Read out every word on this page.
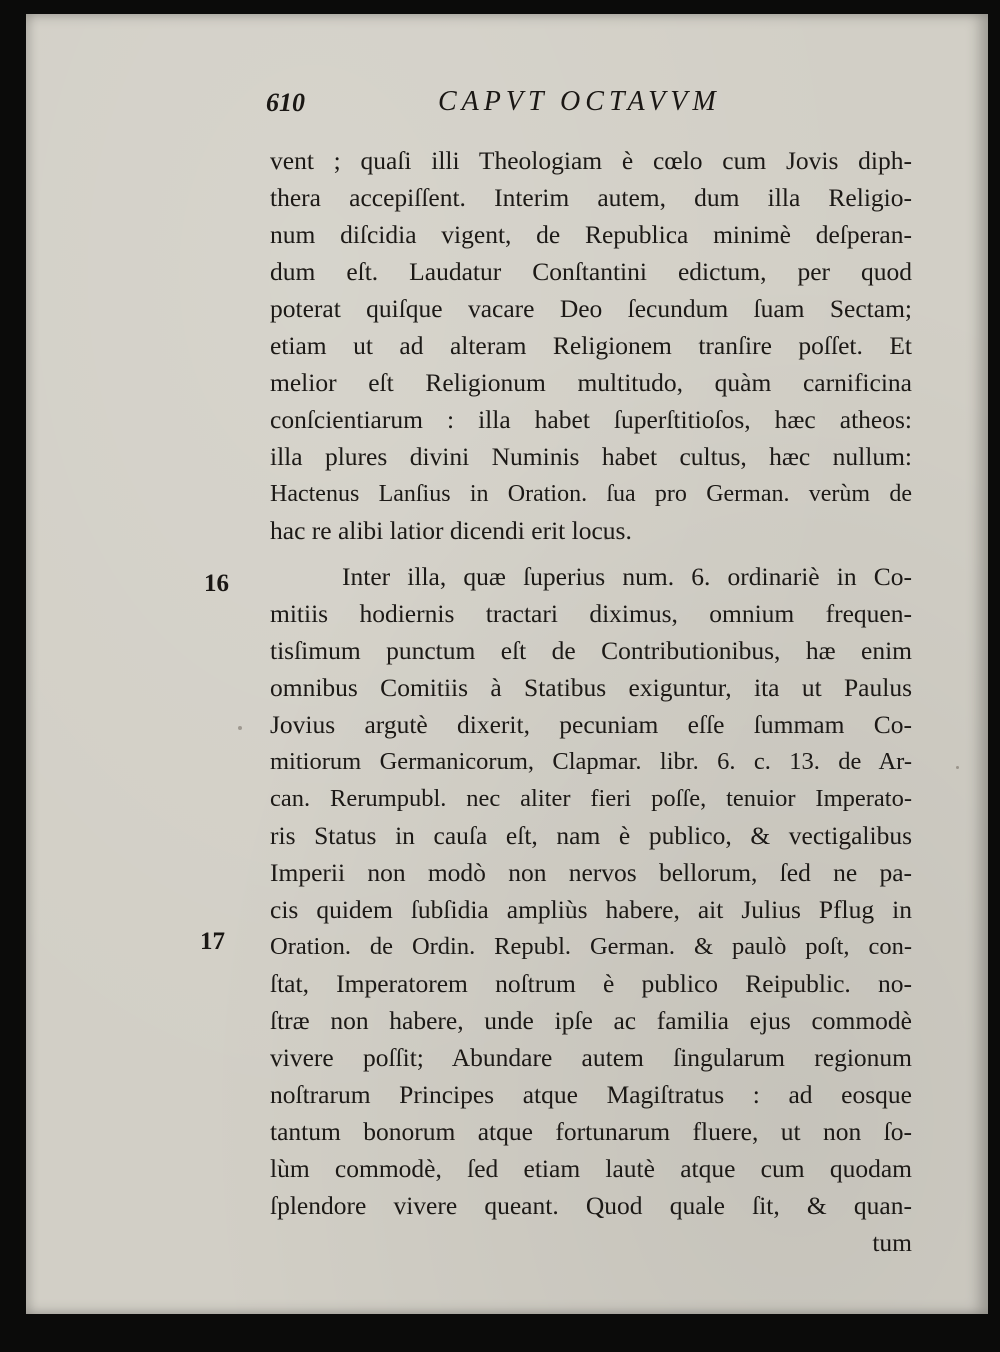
610	CAPVT OCTAVVM
vent ; quaſi illi Theologiam è cœlo cum Jovis diph-
thera accepiſſent. Interim autem, dum illa Religio-
num diſcidia vigent, de Republica minimè deſperan-
dum eſt. Laudatur Conſtantini edictum, per quod
poterat quiſque vacare Deo ſecundum ſuam Sectam;
etiam ut ad alteram Religionem tranſire poſſet. Et
melior eſt Religionum multitudo, quàm carnificina
conſcientiarum : illa habet ſuperſtitioſos, hæc atheos:
illa plures divini Numinis habet cultus, hæc nullum:
Hactenus Lanſius in Oration. ſua pro German. verùm de
hac re alibi latior dicendi erit locus.
16	Inter illa, quæ ſuperius num. 6. ordinariè in Co-
mitiis hodiernis tractari diximus, omnium frequen-
tisſimum punctum eſt de Contributionibus, hæ enim
omnibus Comitiis à Statibus exiguntur, ita ut Paulus
Jovius argutè dixerit, pecuniam eſſe ſummam Co-
mitiorum Germanicorum, Clapmar. libr. 6. c. 13. de Ar-
can. Rerumpubl. nec aliter fieri poſſe, tenuior Imperato-
ris Status in cauſa eſt, nam è publico, & vectigalibus
Imperii non modò non nervos bellorum, ſed ne pa-
cis quidem ſubſidia ampliùs habere, ait Julius Pflug in
Oration. de Ordin. Republ. German. & paulò poſt, con-
ſtat, Imperatorem noſtrum è publico Reipublic. no-
ſtræ non habere, unde ipſe ac familia ejus commodè
vivere poſſit; Abundare autem ſingularum regionum
noſtrarum Principes atque Magiſtratus : ad eosque
tantum bonorum atque fortunarum fluere, ut non ſo-
lùm commodè, ſed etiam lautè atque cum quodam
ſplendore vivere queant. Quod quale ſit, & quan-
17
tum
